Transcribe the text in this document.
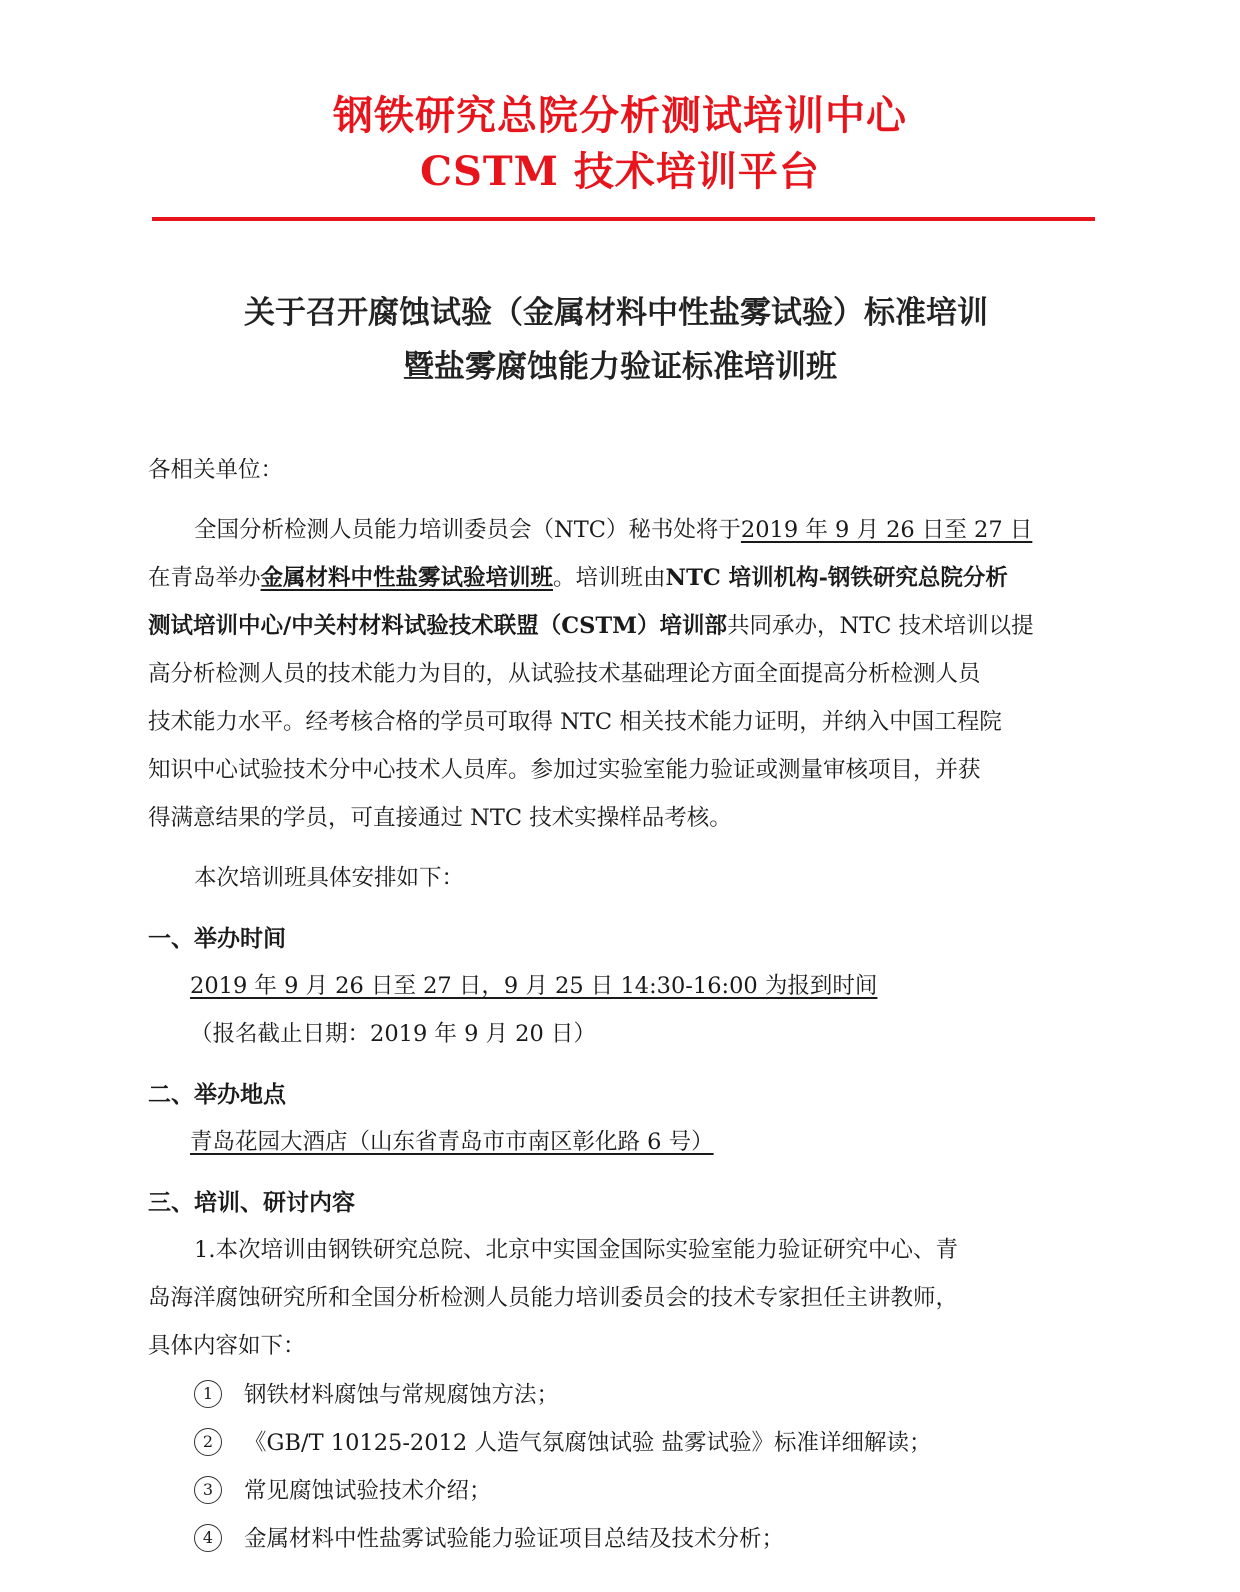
钢铁研究总院分析测试培训中心
CSTM 技术培训平台
关于召开腐蚀试验（金属材料中性盐雾试验）标准培训
暨盐雾腐蚀能力验证标准培训班
各相关单位：
全国分析检测人员能力培训委员会（NTC）秘书处将于2019 年 9 月 26 日至 27 日
在青岛举办金属材料中性盐雾试验培训班。培训班由NTC 培训机构-钢铁研究总院分析
测试培训中心/中关村材料试验技术联盟（CSTM）培训部共同承办，NTC 技术培训以提
高分析检测人员的技术能力为目的，从试验技术基础理论方面全面提高分析检测人员
技术能力水平。经考核合格的学员可取得 NTC 相关技术能力证明，并纳入中国工程院
知识中心试验技术分中心技术人员库。参加过实验室能力验证或测量审核项目，并获
得满意结果的学员，可直接通过 NTC 技术实操样品考核。
本次培训班具体安排如下：
一、举办时间
2019 年 9 月 26 日至 27 日，9 月 25 日 14:30-16:00 为报到时间
（报名截止日期：2019 年 9 月 20 日）
二、举办地点
青岛花园大酒店（山东省青岛市市南区彰化路 6 号）
三、培训、研讨内容
1.本次培训由钢铁研究总院、北京中实国金国际实验室能力验证研究中心、青
岛海洋腐蚀研究所和全国分析检测人员能力培训委员会的技术专家担任主讲教师，
具体内容如下：
1 钢铁材料腐蚀与常规腐蚀方法；
2 《GB/T 10125-2012 人造气氛腐蚀试验 盐雾试验》标准详细解读；
3 常见腐蚀试验技术介绍；
4 金属材料中性盐雾试验能力验证项目总结及技术分析；
